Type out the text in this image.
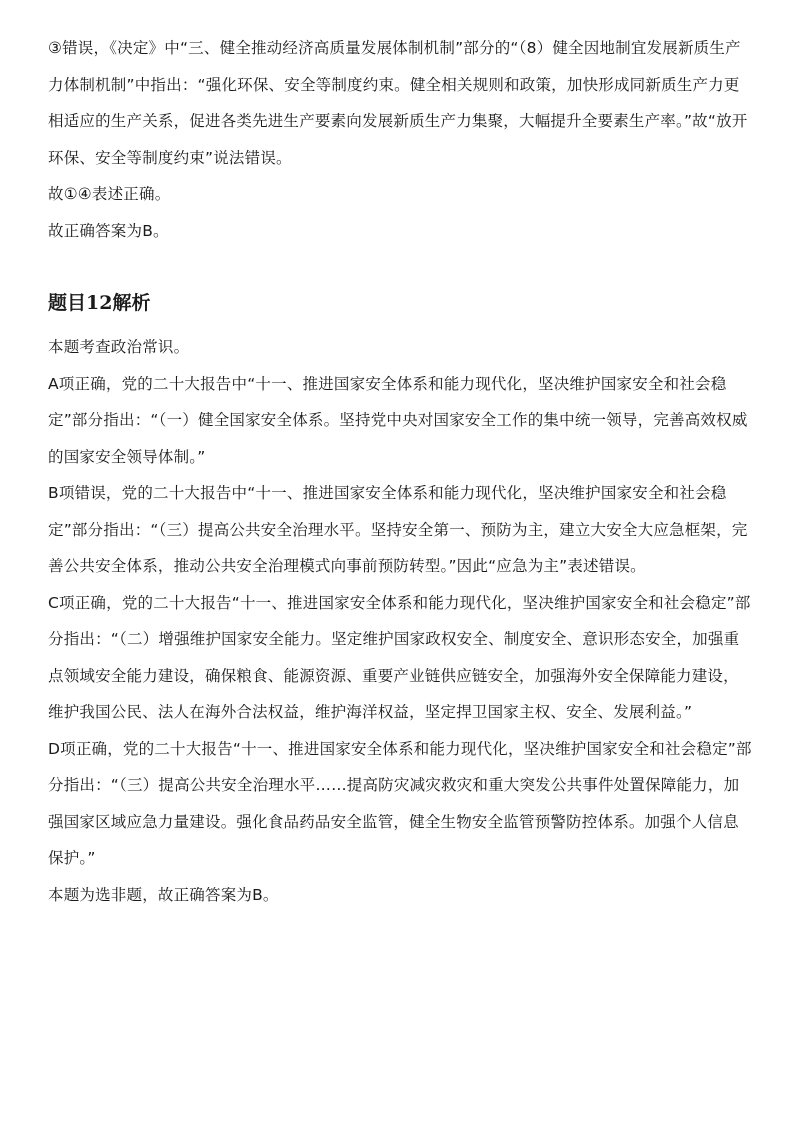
③错误，《决定》中“三、健全推动经济高质量发展体制机制”部分的“（8）健全因地制宜发展新质生产力体制机制”中指出：“强化环保、安全等制度约束。健全相关规则和政策，加快形成同新质生产力更相适应的生产关系，促进各类先进生产要素向发展新质生产力集聚，大幅提升全要素生产率。”故“放开环保、安全等制度约束”说法错误。

故①④表述正确。

故正确答案为B。

题目12解析

本题考查政治常识。

A项正确，党的二十大报告中“十一、推进国家安全体系和能力现代化，坚决维护国家安全和社会稳定”部分指出：“（一）健全国家安全体系。坚持党中央对国家安全工作的集中统一领导，完善高效权威的国家安全领导体制。”

B项错误，党的二十大报告中“十一、推进国家安全体系和能力现代化，坚决维护国家安全和社会稳定”部分指出：“（三）提高公共安全治理水平。坚持安全第一、预防为主，建立大安全大应急框架，完善公共安全体系，推动公共安全治理模式向事前预防转型。”因此“应急为主”表述错误。

C项正确，党的二十大报告“十一、推进国家安全体系和能力现代化，坚决维护国家安全和社会稳定”部分指出：“（二）增强维护国家安全能力。坚定维护国家政权安全、制度安全、意识形态安全，加强重点领域安全能力建设，确保粮食、能源资源、重要产业链供应链安全，加强海外安全保障能力建设，维护我国公民、法人在海外合法权益，维护海洋权益，坚定捍卫国家主权、安全、发展利益。”

D项正确，党的二十大报告“十一、推进国家安全体系和能力现代化，坚决维护国家安全和社会稳定”部分指出：“（三）提高公共安全治理水平……提高防灾减灾救灾和重大突发公共事件处置保障能力，加强国家区域应急力量建设。强化食品药品安全监管，健全生物安全监管预警防控体系。加强个人信息保护。”

本题为选非题，故正确答案为B。
